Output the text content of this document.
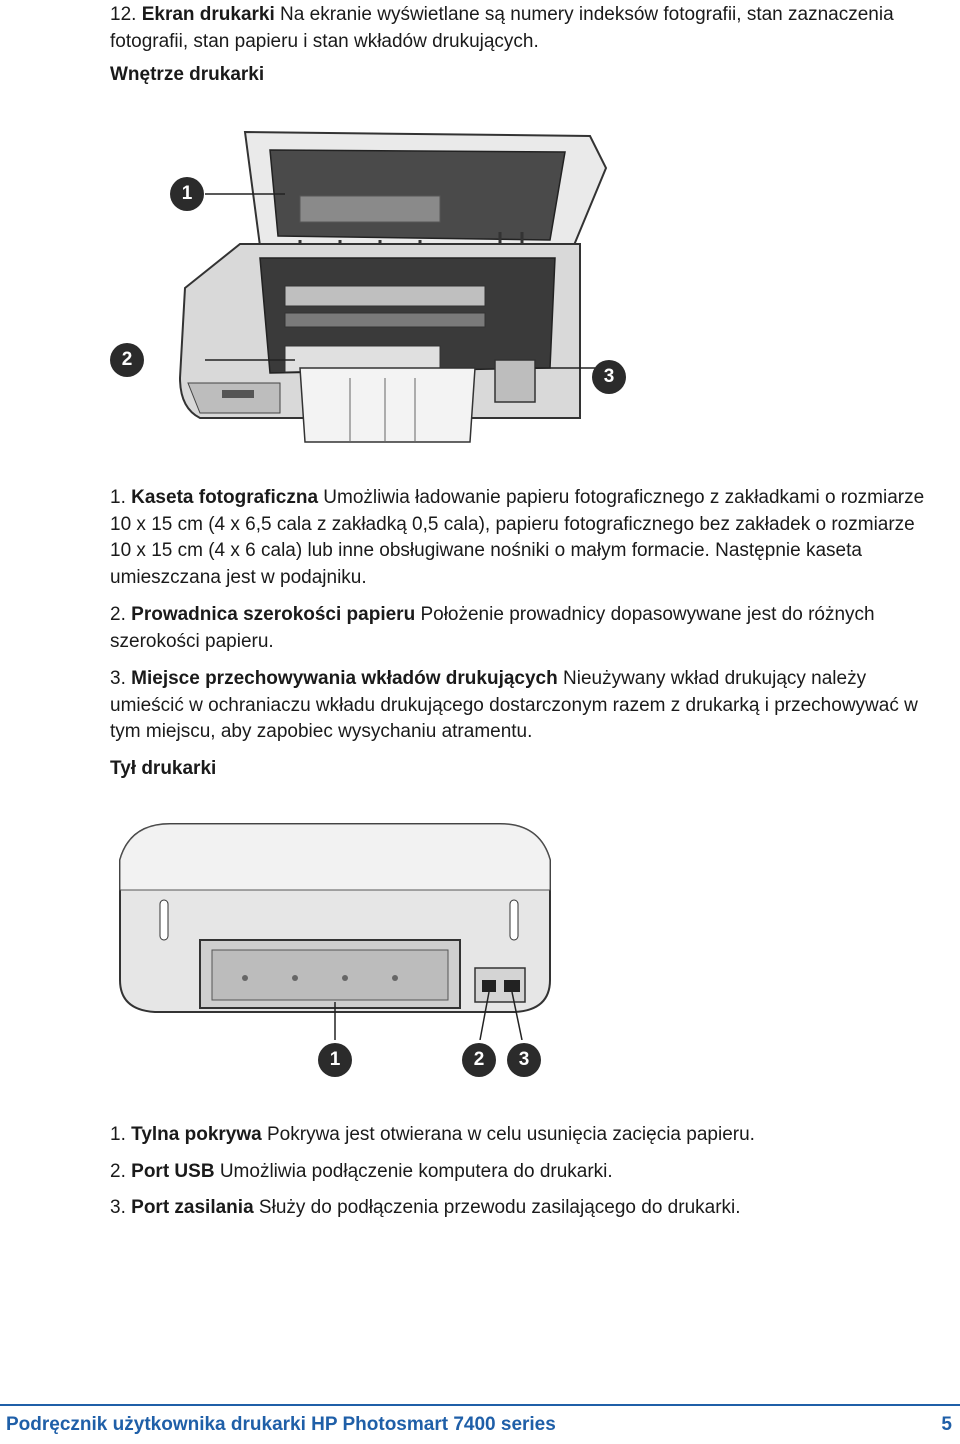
12. Ekran drukarki Na ekranie wyświetlane są numery indeksów fotografii, stan zaznaczenia fotografii, stan papieru i stan wkładów drukujących.

Wnętrze drukarki
1
2
3

1. Kaseta fotograficzna Umożliwia ładowanie papieru fotograficznego z zakładkami o rozmiarze 10 x 15 cm (4 x 6,5 cala z zakładką 0,5 cala), papieru fotograficznego bez zakładek o rozmiarze 10 x 15 cm (4 x 6 cala) lub inne obsługiwane nośniki o małym formacie. Następnie kaseta umieszczana jest w podajniku.

2. Prowadnica szerokości papieru Położenie prowadnicy dopasowywane jest do różnych szerokości papieru.

3. Miejsce przechowywania wkładów drukujących Nieużywany wkład drukujący należy umieścić w ochraniaczu wkładu drukującego dostarczonym razem z drukarką i przechowywać w tym miejscu, aby zapobiec wysychaniu atramentu.

Tył drukarki
1	2	3

1. Tylna pokrywa Pokrywa jest otwierana w celu usunięcia zacięcia papieru.

2. Port USB Umożliwia podłączenie komputera do drukarki.

3. Port zasilania Służy do podłączenia przewodu zasilającego do drukarki.

Podręcznik użytkownika drukarki HP Photosmart 7400 series	5
